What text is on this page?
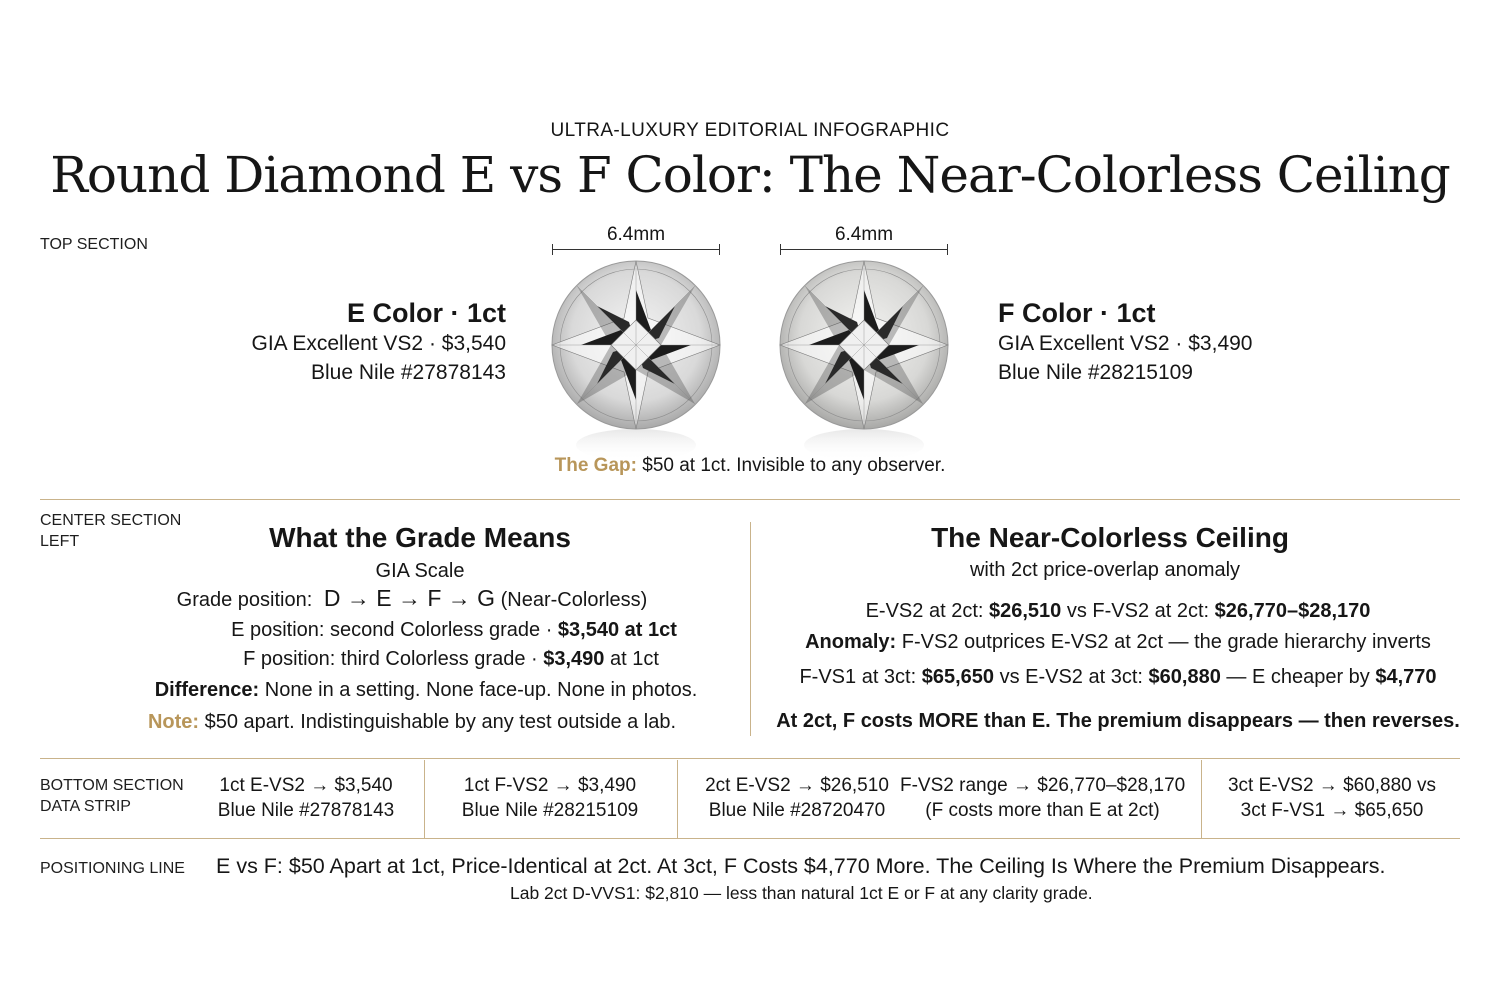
ULTRA-LUXURY EDITORIAL INFOGRAPHIC
Round Diamond E vs F Color: The Near-Colorless Ceiling
TOP SECTION	6.4mm	6.4mm
E Color · 1ct
GIA Excellent VS2 · $3,540
Blue Nile #27878143
F Color · 1ct
GIA Excellent VS2 · $3,490
Blue Nile #28215109
The Gap: $50 at 1ct. Invisible to any observer.
CENTER SECTION
LEFT	What the Grade Means
GIA Scale
Grade position: D → E → F → G (Near-Colorless)
E position: second Colorless grade · $3,540 at 1ct
F position: third Colorless grade · $3,490 at 1ct
Difference: None in a setting. None face-up. None in photos.
Note: $50 apart. Indistinguishable by any test outside a lab.
The Near-Colorless Ceiling
with 2ct price-overlap anomaly
E-VS2 at 2ct: $26,510 vs F-VS2 at 2ct: $26,770–$28,170
Anomaly: F-VS2 outprices E-VS2 at 2ct — the grade hierarchy inverts
F-VS1 at 3ct: $65,650 vs E-VS2 at 3ct: $60,880 — E cheaper by $4,770
At 2ct, F costs MORE than E. The premium disappears — then reverses.
BOTTOM SECTION
DATA STRIP
1ct E-VS2 → $3,540
Blue Nile #27878143
1ct F-VS2 → $3,490
Blue Nile #28215109
2ct E-VS2 → $26,510
Blue Nile #28720470
F-VS2 range → $26,770–$28,170
(F costs more than E at 2ct)
3ct E-VS2 → $60,880 vs
3ct F-VS1 → $65,650
POSITIONING LINE E vs F: $50 Apart at 1ct, Price-Identical at 2ct. At 3ct, F Costs $4,770 More. The Ceiling Is Where the Premium Disappears.
Lab 2ct D-VVS1: $2,810 — less than natural 1ct E or F at any clarity grade.
